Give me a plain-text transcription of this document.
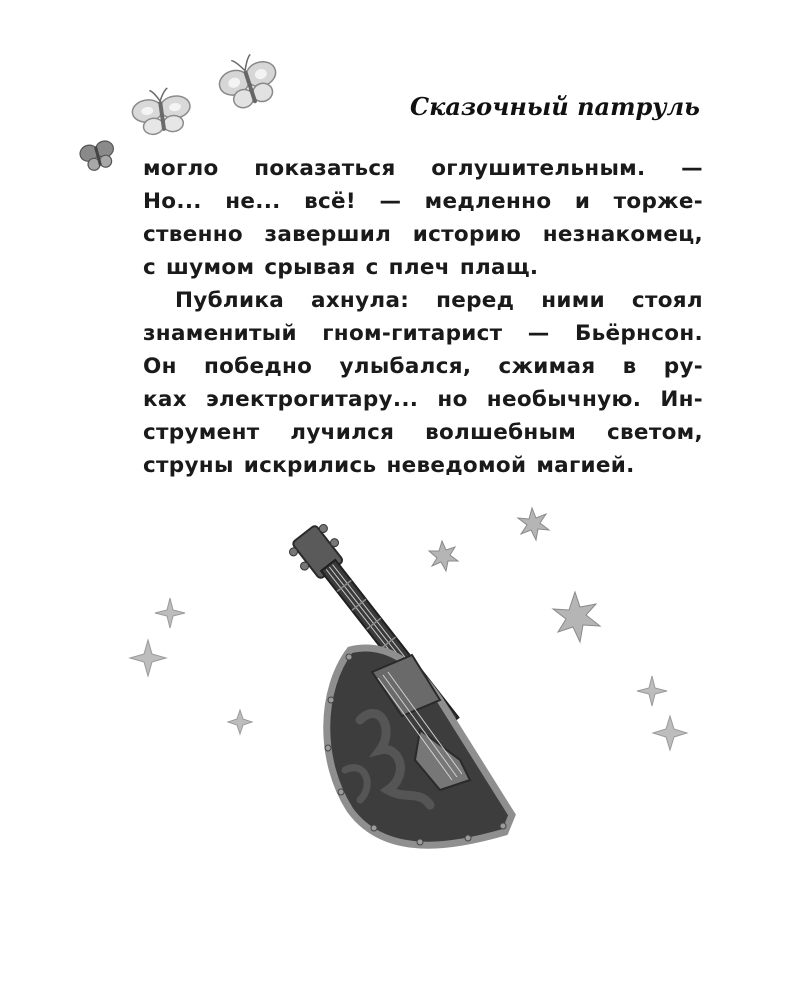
Сказочный патруль
могло показаться оглушительным. —
Но... не... всё! — медленно и торже-
ственно завершил историю незнакомец,
с шумом срывая с плеч плащ.
Публика ахнула: перед ними стоял
знаменитый гном-гитарист — Бьёрнсон.
Он победно улыбался, сжимая в ру-
ках электрогитару... но необычную. Ин-
струмент лучился волшебным светом,
струны искрились неведомой магией.
